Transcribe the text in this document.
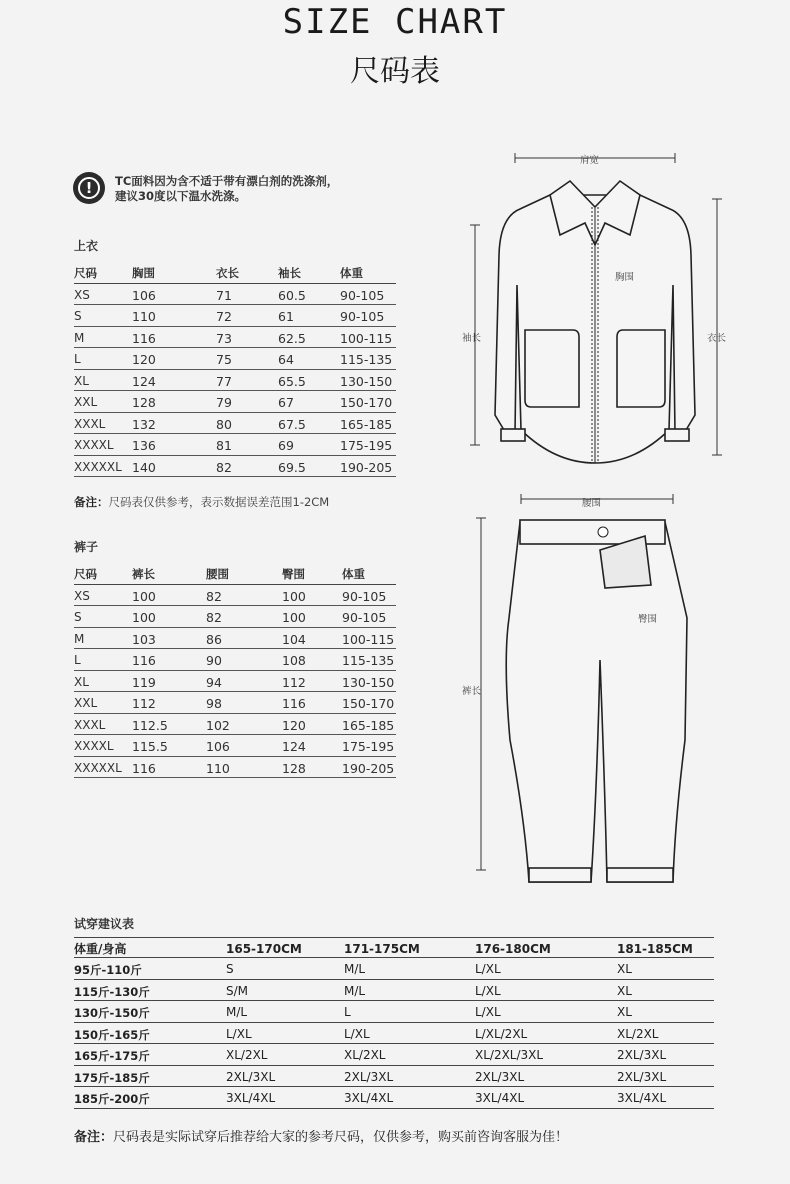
SIZE CHART
尺码表
!	TC面料因为含不适于带有漂白剂的洗涤剂，
建议30度以下温水洗涤。
上衣
尺码	胸围	衣长	袖长	体重
XS	106	71	60.5	90-105
S	110	72	61	90-105
M	116	73	62.5	100-115
L	120	75	64	115-135
XL	124	77	65.5	130-150
XXL	128	79	67	150-170
XXXL	132	80	67.5	165-185
XXXXL	136	81	69	175-195
XXXXXL	140	82	69.5	190-205
备注：尺码表仅供参考，表示数据误差范围1-2CM
裤子
尺码	裤长	腰围	臀围	体重
XS	100	82	100	90-105
S	100	82	100	90-105
M	103	86	104	100-115
L	116	90	108	115-135
XL	119	94	112	130-150
XXL	112	98	116	150-170
XXXL	112.5	102	120	165-185
XXXXL	115.5	106	124	175-195
XXXXXL	116	110	128	190-205
肩宽
胸围
袖长	衣长
腰围
臀围
裤长
试穿建议表
体重/身高	165-170CM	171-175CM	176-180CM	181-185CM
95斤-110斤	S	M/L	L/XL	XL
115斤-130斤	S/M	M/L	L/XL	XL
130斤-150斤	M/L	L	L/XL	XL
150斤-165斤	L/XL	L/XL	L/XL/2XL	XL/2XL
165斤-175斤	XL/2XL	XL/2XL	XL/2XL/3XL	2XL/3XL
175斤-185斤	2XL/3XL	2XL/3XL	2XL/3XL	2XL/3XL
185斤-200斤	3XL/4XL	3XL/4XL	3XL/4XL	3XL/4XL
备注：尺码表是实际试穿后推荐给大家的参考尺码，仅供参考，购买前咨询客服为佳！
